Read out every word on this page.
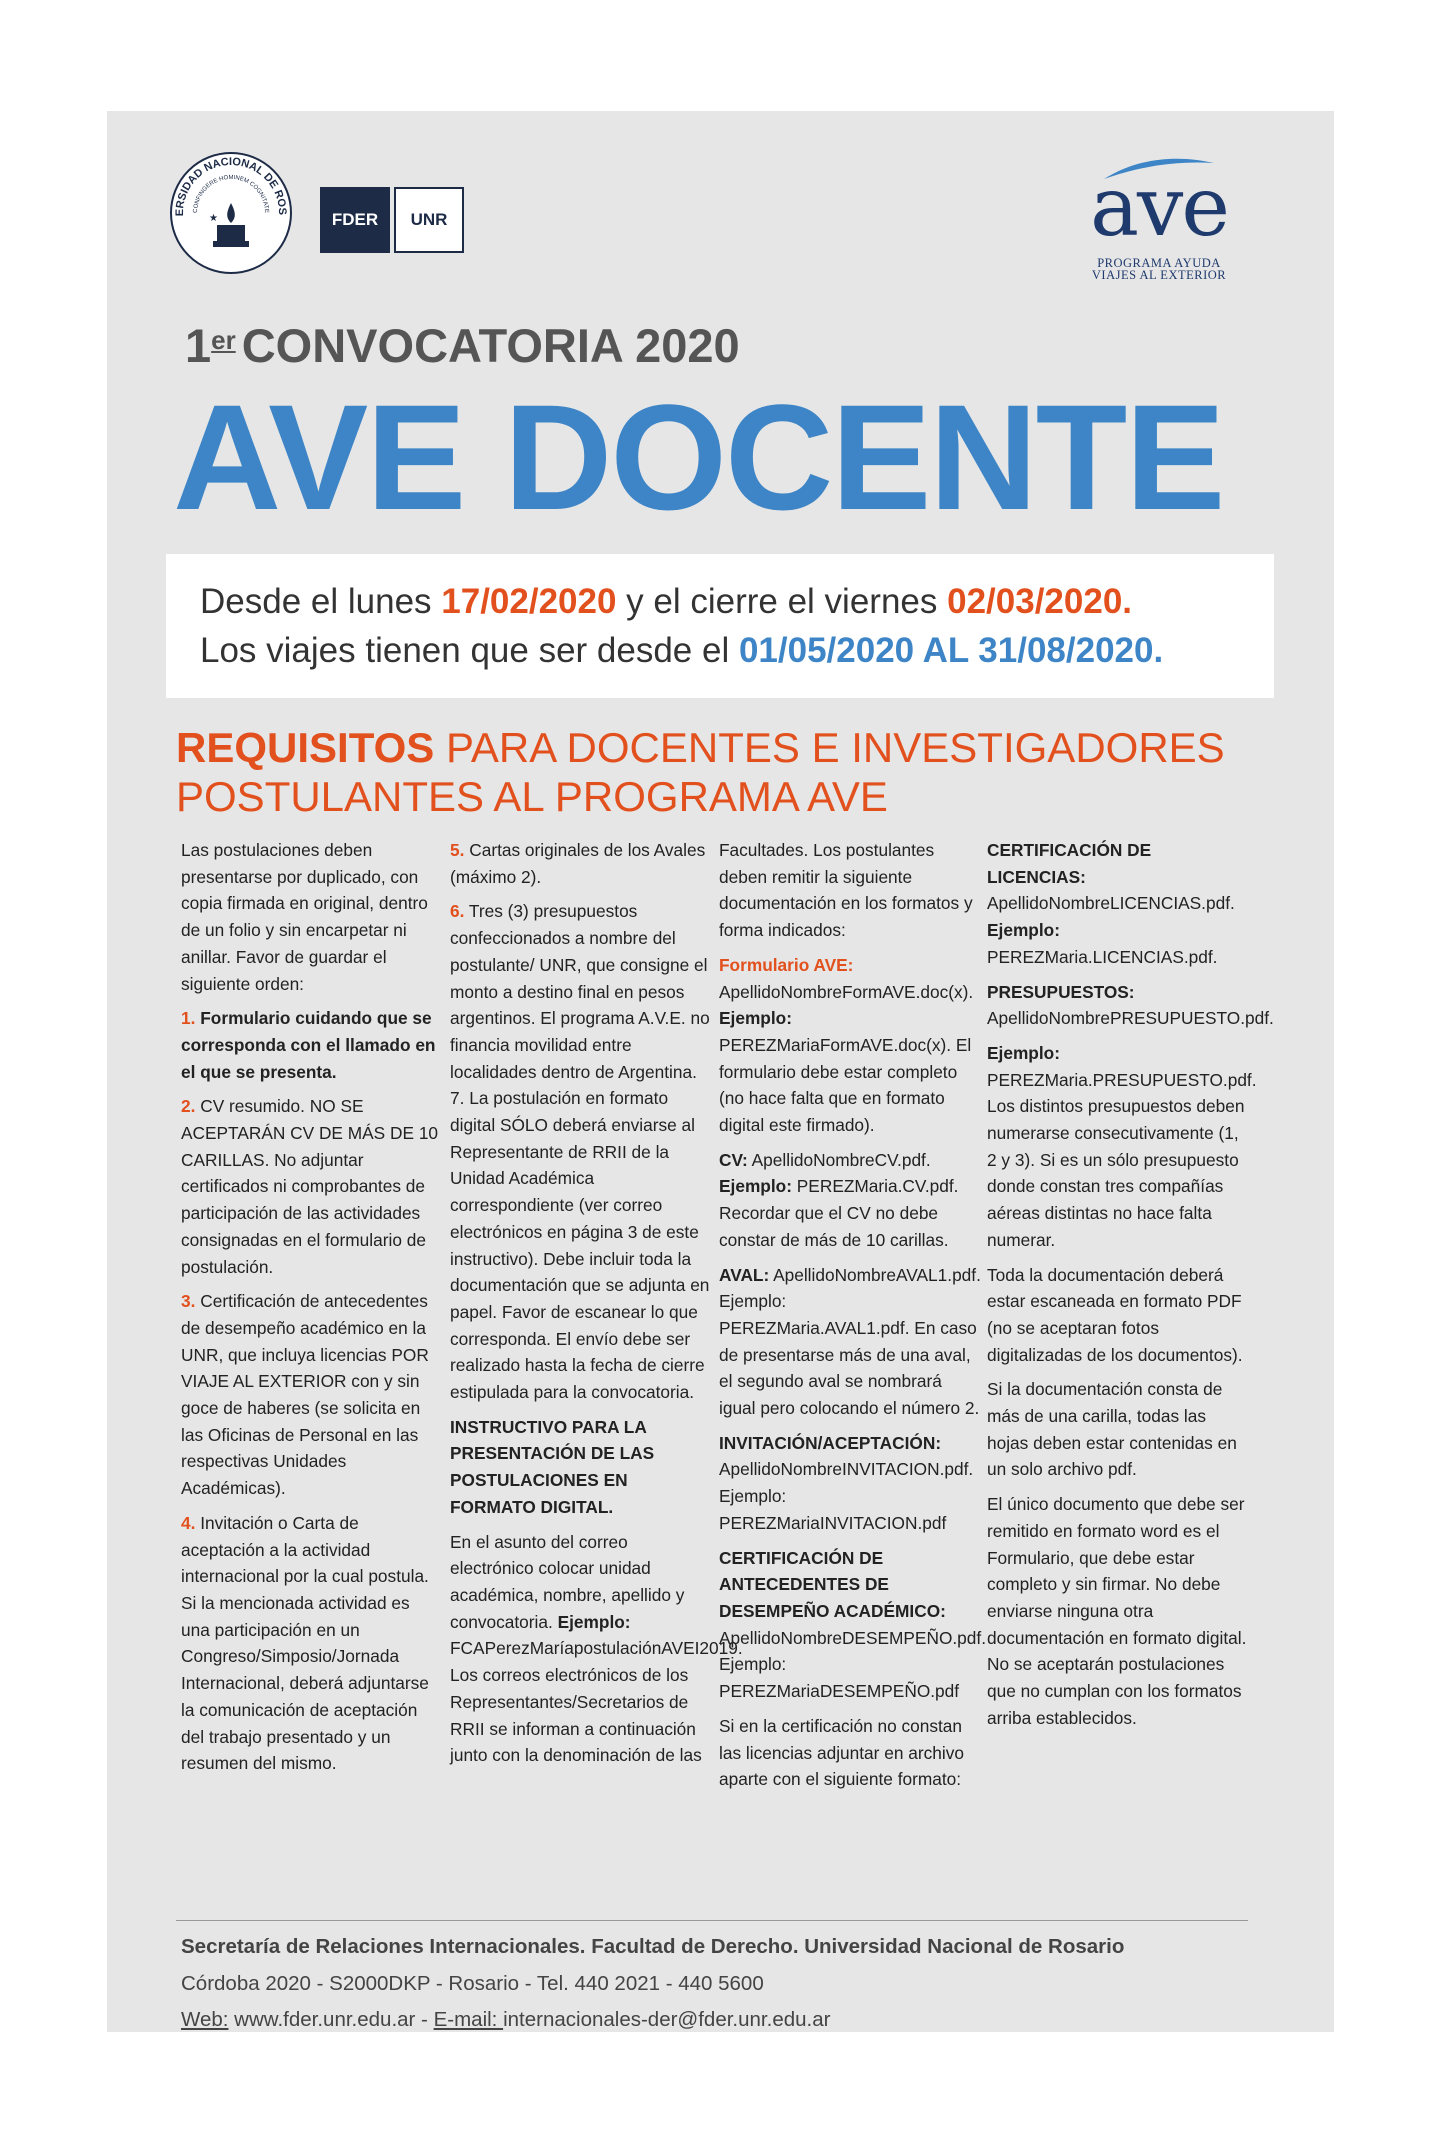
ERSIDAD NACIONAL DE ROS
CONFINGERE HOMINEM COGNITATE
★	FDER	UNR	ave
PROGRAMA AYUDA
VIAJES AL EXTERIOR
1er CONVOCATORIA 2020
AVE DOCENTE
Desde el lunes 17/02/2020 y el cierre el viernes 02/03/2020.
Los viajes tienen que ser desde el 01/05/2020 AL 31/08/2020.
REQUISITOS PARA DOCENTES E INVESTIGADORES
POSTULANTES AL PROGRAMA AVE

Las postulaciones deben presentarse por duplicado, con copia firmada en original, dentro de un folio y sin encarpetar ni anillar. Favor de guardar el siguiente orden:

1. Formulario cuidando que se corresponda con el llamado en el que se presenta.

2. CV resumido. NO SE ACEPTARÁN CV DE MÁS DE 10 CARILLAS. No adjuntar certificados ni comprobantes de participación de las actividades consignadas en el formulario de postulación.

3. Certificación de antecedentes de desempeño académico en la UNR, que incluya licencias POR VIAJE AL EXTERIOR con y sin goce de haberes (se solicita en las Oficinas de Personal en las respectivas Unidades Académicas).

4. Invitación o Carta de aceptación a la actividad internacional por la cual postula. Si la mencionada actividad es una participación en un Congreso/Simposio/Jornada Internacional, deberá adjuntarse la comunicación de aceptación del trabajo presentado y un resumen del mismo.

5. Cartas originales de los Avales (máximo 2).

6. Tres (3) presupuestos confeccionados a nombre del postulante/ UNR, que consigne el monto a destino final en pesos argentinos. El programa A.V.E. no financia movilidad entre localidades dentro de Argentina. 7. La postulación en formato digital SÓLO deberá enviarse al Representante de RRII de la Unidad Académica correspondiente (ver correo electrónicos en página 3 de este instructivo). Debe incluir toda la documentación que se adjunta en papel. Favor de escanear lo que corresponda. El envío debe ser realizado hasta la fecha de cierre estipulada para la convocatoria.

INSTRUCTIVO PARA LA PRESENTACIÓN DE LAS POSTULACIONES EN FORMATO DIGITAL.

En el asunto del correo electrónico colocar unidad académica, nombre, apellido y convocatoria. Ejemplo: FCAPerezMaríapostulaciónAVEI2019. Los correos electrónicos de los Representantes/Secretarios de RRII se informan a continuación junto con la denominación de las

Facultades. Los postulantes deben remitir la siguiente documentación en los formatos y forma indicados:

Formulario AVE: ApellidoNombreFormAVE.doc(x). Ejemplo: PEREZMariaFormAVE.doc(x). El formulario debe estar completo (no hace falta que en formato digital este firmado).

CV: ApellidoNombreCV.pdf. Ejemplo: PEREZMaria.CV.pdf. Recordar que el CV no debe constar de más de 10 carillas.

AVAL: ApellidoNombreAVAL1.pdf. Ejemplo: PEREZMaria.AVAL1.pdf. En caso de presentarse más de una aval, el segundo aval se nombrará igual pero colocando el número 2.

INVITACIÓN/ACEPTACIÓN: ApellidoNombreINVITACION.pdf. Ejemplo: PEREZMariaINVITACION.pdf

CERTIFICACIÓN DE ANTECEDENTES DE DESEMPEÑO ACADÉMICO: ApellidoNombreDESEMPEÑO.pdf. Ejemplo: PEREZMariaDESEMPEÑO.pdf

Si en la certificación no constan las licencias adjuntar en archivo aparte con el siguiente formato:

CERTIFICACIÓN DE LICENCIAS: ApellidoNombreLICENCIAS.pdf. Ejemplo: PEREZMaria.LICENCIAS.pdf.

PRESUPUESTOS: ApellidoNombrePRESUPUESTO.pdf.

Ejemplo: PEREZMaria.PRESUPUESTO.pdf. Los distintos presupuestos deben numerarse consecutivamente (1, 2 y 3). Si es un sólo presupuesto donde constan tres compañías aéreas distintas no hace falta numerar.

Toda la documentación deberá estar escaneada en formato PDF (no se aceptaran fotos digitalizadas de los documentos).

Si la documentación consta de más de una carilla, todas las hojas deben estar contenidas en un solo archivo pdf.

El único documento que debe ser remitido en formato word es el Formulario, que debe estar completo y sin firmar. No debe enviarse ninguna otra documentación en formato digital. No se aceptarán postulaciones que no cumplan con los formatos arriba establecidos.

Secretaría de Relaciones Internacionales. Facultad de Derecho. Universidad Nacional de Rosario
Córdoba 2020 - S2000DKP - Rosario - Tel. 440 2021 - 440 5600
Web: www.fder.unr.edu.ar - E-mail: internacionales-der@fder.unr.edu.ar
